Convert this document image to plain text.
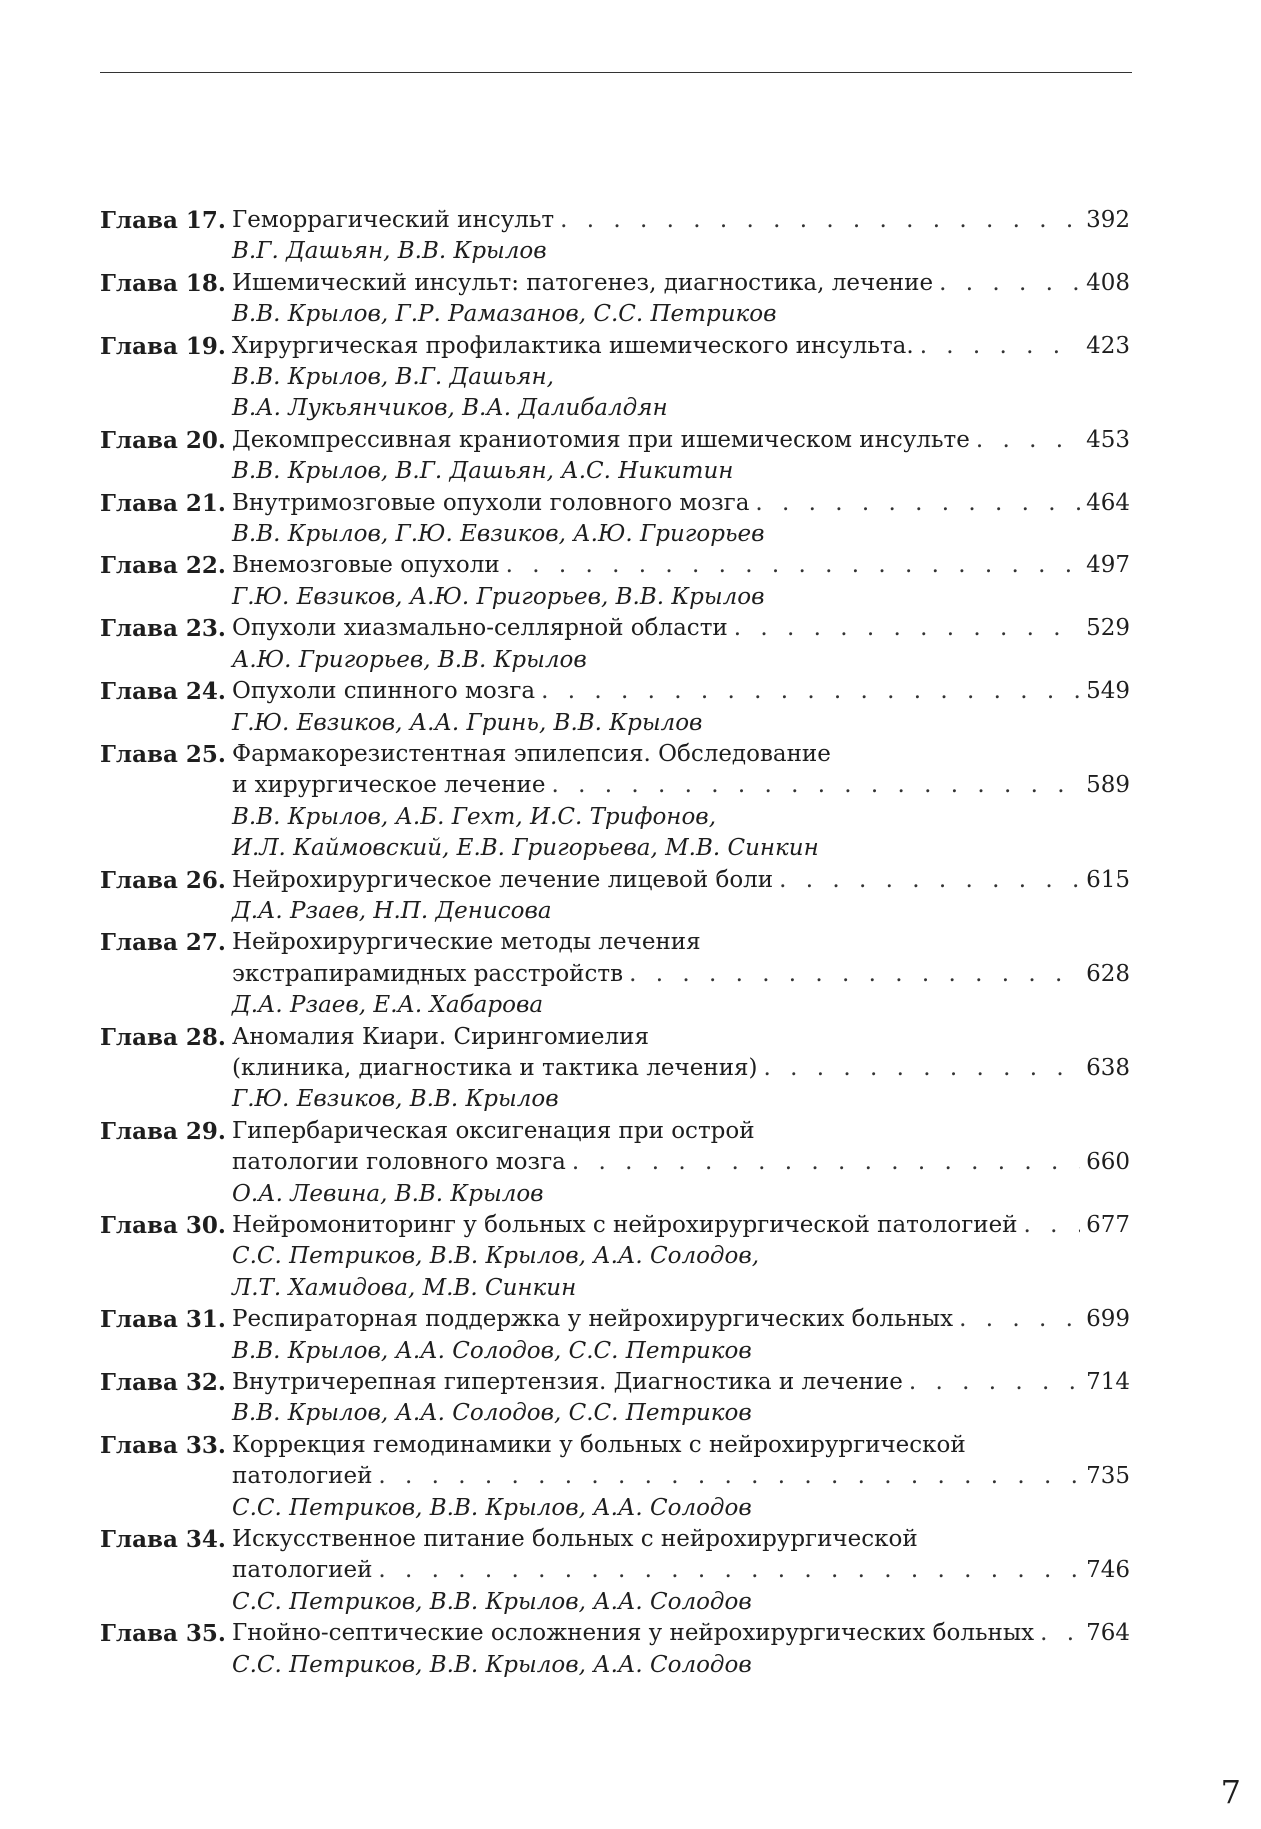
Глава 17. Геморрагический инсульт . . .	392
В.Г. Дашьян, В.В. Крылов
Глава 18. Ишемический инсульт: патогенез, диагностика, лечение . . .	408
В.В. Крылов, Г.Р. Рамазанов, С.С. Петриков
Глава 19. Хирургическая профилактика ишемического инсульта. . . .	423
В.В. Крылов, В.Г. Дашьян,
В.А. Лукьянчиков, В.А. Далибалдян
Глава 20. Декомпрессивная краниотомия при ишемическом инсульте . . .	453
В.В. Крылов, В.Г. Дашьян, А.С. Никитин
Глава 21. Внутримозговые опухоли головного мозга . . .	464
В.В. Крылов, Г.Ю. Евзиков, А.Ю. Григорьев
Глава 22. Внемозговые опухоли . . .	497
Г.Ю. Евзиков, А.Ю. Григорьев, В.В. Крылов
Глава 23. Опухоли хиазмально-селлярной области . . .	529
А.Ю. Григорьев, В.В. Крылов
Глава 24. Опухоли спинного мозга . . .	549
Г.Ю. Евзиков, А.А. Гринь, В.В. Крылов
Глава 25. Фармакорезистентная эпилепсия. Обследование
и хирургическое лечение . . .	589
В.В. Крылов, А.Б. Гехт, И.С. Трифонов,
И.Л. Каймовский, Е.В. Григорьева, М.В. Синкин
Глава 26. Нейрохирургическое лечение лицевой боли . . .	615
Д.А. Рзаев, Н.П. Денисова
Глава 27. Нейрохирургические методы лечения
экстрапирамидных расстройств . . .	628
Д.А. Рзаев, Е.А. Хабарова
Глава 28. Аномалия Киари. Сирингомиелия
(клиника, диагностика и тактика лечения) . . .	638
Г.Ю. Евзиков, В.В. Крылов
Глава 29. Гипербарическая оксигенация при острой
патологии головного мозга . . .	660
О.А. Левина, В.В. Крылов
Глава 30. Нейромониторинг у больных с нейрохирургической патологией . . .	677
С.С. Петриков, В.В. Крылов, А.А. Солодов,
Л.Т. Хамидова, М.В. Синкин
Глава 31. Респираторная поддержка у нейрохирургических больных . . .	699
В.В. Крылов, А.А. Солодов, С.С. Петриков
Глава 32. Внутричерепная гипертензия. Диагностика и лечение . . .	714
В.В. Крылов, А.А. Солодов, С.С. Петриков
Глава 33. Коррекция гемодинамики у больных с нейрохирургической
патологией . . .	735
С.С. Петриков, В.В. Крылов, А.А. Солодов
Глава 34. Искусственное питание больных с нейрохирургической
патологией . . .	746
С.С. Петриков, В.В. Крылов, А.А. Солодов
Глава 35. Гнойно-септические осложнения у нейрохирургических больных . . . 764
С.С. Петриков, В.В. Крылов, А.А. Солодов
7
